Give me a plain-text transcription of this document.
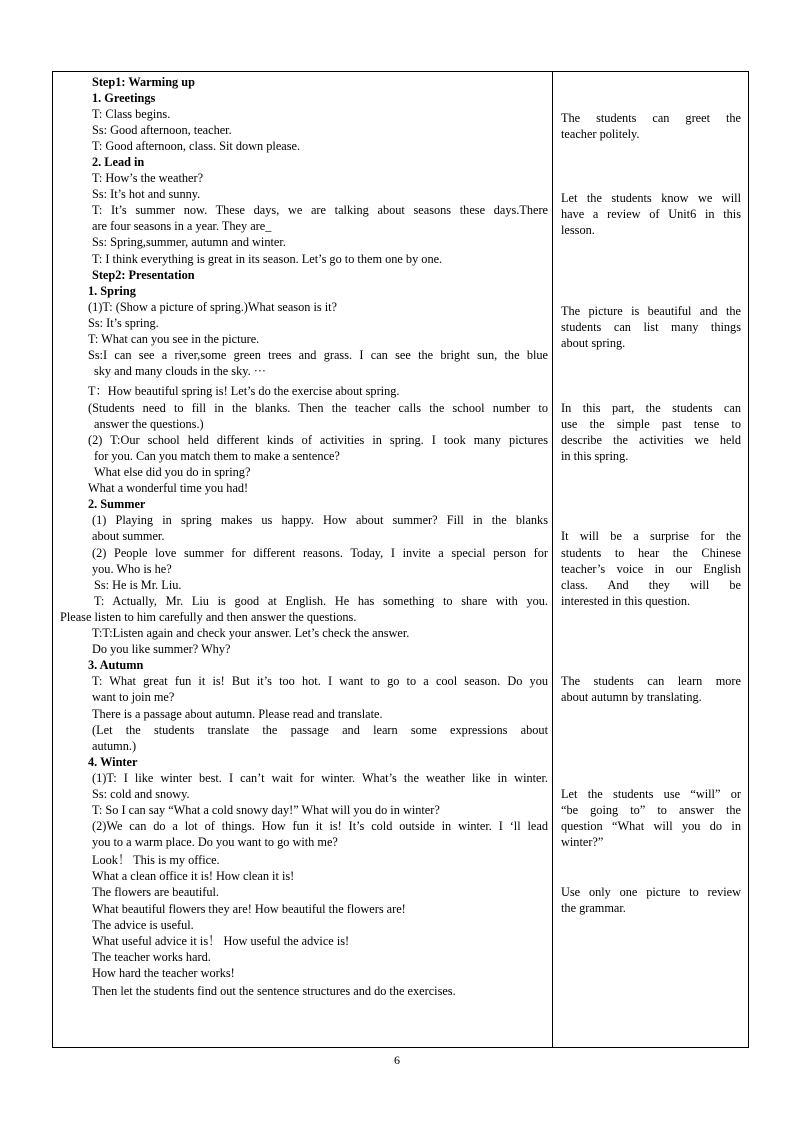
Step1: Warming up
1. Greetings
T: Class begins.
Ss: Good afternoon, teacher.
T: Good afternoon, class. Sit down please.
2. Lead in
T: How’s the weather?
Ss: It’s hot and sunny.
T: It’s summer now. These days, we are talking about seasons these days.There
are four seasons in a year. They are_
Ss: Spring,summer, autumn and winter.
T: I think everything is great in its season. Let’s go to them one by one.
Step2: Presentation
1. Spring
(1)T: (Show a picture of spring.)What season is it?
Ss: It’s spring.
T: What can you see in the picture.
Ss:I can see a river,some green trees and grass. I can see the bright sun, the blue
sky and many clouds in the sky. ···
T：How beautiful spring is! Let’s do the exercise about spring.
(Students need to fill in the blanks. Then the teacher calls the school number to
answer the questions.)
(2) T:Our school held different kinds of activities in spring. I took many pictures
for you. Can you match them to make a sentence?
What else did you do in spring?
What a wonderful time you had!
2. Summer
(1) Playing in spring makes us happy. How about summer? Fill in the blanks
about summer.
(2) People love summer for different reasons. Today, I invite a special person for
you. Who is he?
Ss: He is Mr. Liu.
T: Actually, Mr. Liu is good at English. He has something to share with you.
Please listen to him carefully and then answer the questions.
T:T:Listen again and check your answer. Let’s check the answer.
Do you like summer? Why?
3. Autumn
T: What great fun it is! But it’s too hot. I want to go to a cool season. Do you
want to join me?
There is a passage about autumn. Please read and translate.
(Let the students translate the passage and learn some expressions about
autumn.)
4. Winter
(1)T: I like winter best. I can’t wait for winter. What’s the weather like in winter.
Ss: cold and snowy.
T: So I can say “What a cold snowy day!” What will you do in winter?
(2)We can do a lot of things. How fun it is! It’s cold outside in winter. I ‘ll lead
you to a warm place. Do you want to go with me?
Look！ This is my office.
What a clean office it is! How clean it is!
The flowers are beautiful.
What beautiful flowers they are! How beautiful the flowers are!
The advice is useful.
What useful advice it is！ How useful the advice is!
The teacher works hard.
How hard the teacher works!
Then let the students find out the sentence structures and do the exercises.
The students can greet the
teacher politely.
Let the students know we will
have a review of Unit6 in this
lesson.
The picture is beautiful and the
students can list many things
about spring.
In this part, the students can
use the simple past tense to
describe the activities we held
in this spring.
It will be a surprise for the
students to hear the Chinese
teacher’s voice in our English
class. And they will be
interested in this question.
The students can learn more
about autumn by translating.
Let the students use “will” or
“be going to” to answer the
question “What will you do in
winter?”
Use only one picture to review
the grammar.
6
